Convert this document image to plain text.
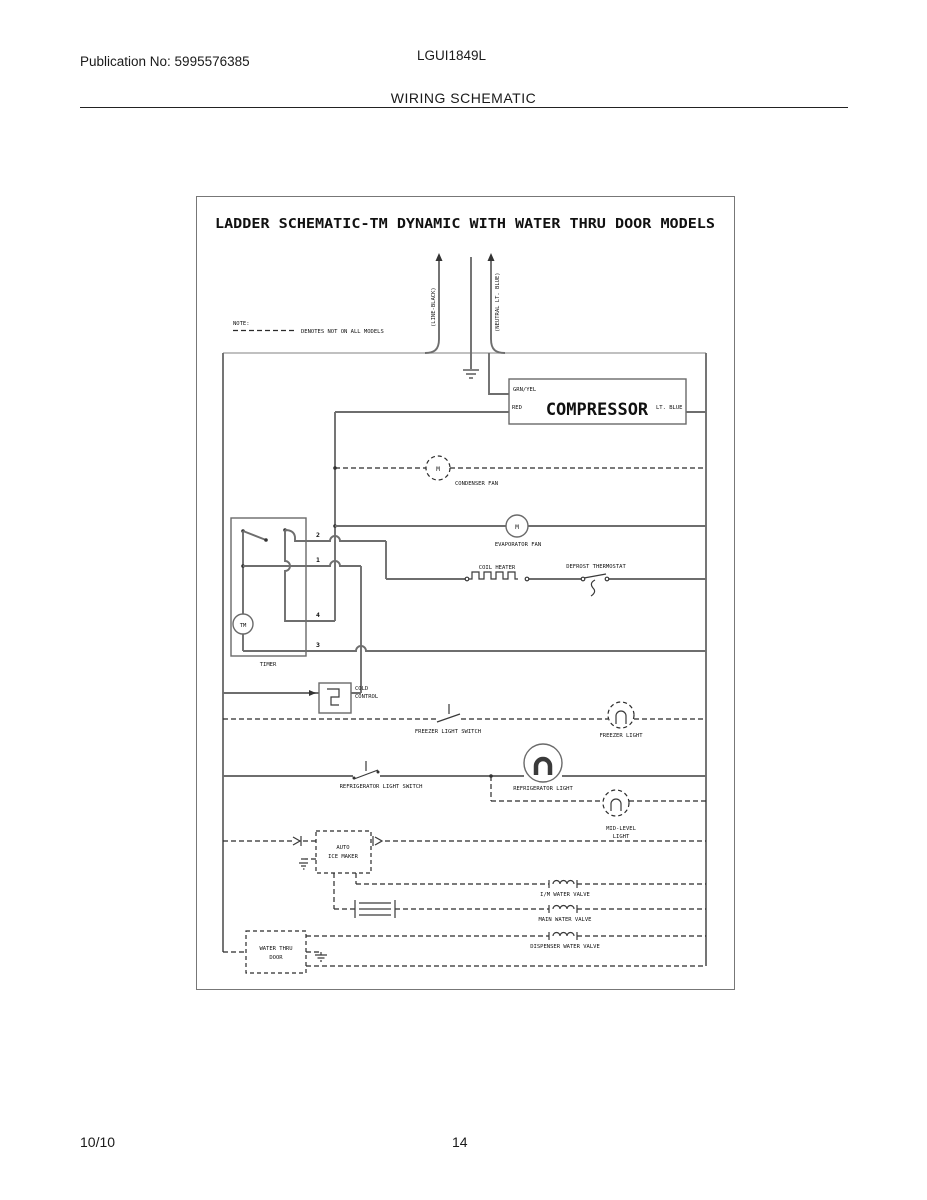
Publication No: 5995576385	LGUI1849L
WIRING SCHEMATIC
LADDER SCHEMATIC-TM DYNAMIC WITH WATER THRU DOOR MODELS
NOTE:
DENOTES NOT ON ALL MODELS
(LINE-BLACK)	(NEUTRAL LT. BLUE)
GRN/YEL
RED COMPRESSOR LT. BLUE
M
CONDENSER FAN
M
EVAPORATOR FAN
COIL HEATER	DEFROST THERMOSTAT
TIMER
TM
2
1
4
3
COLD
CONTROL
FREEZER LIGHT SWITCH
FREEZER LIGHT
REFRIGERATOR LIGHT SWITCH	REFRIGERATOR LIGHT
MID-LEVEL
LIGHT
AUTO
ICE MAKER
I/M WATER VALVE
MAIN WATER VALVE
DISPENSER WATER VALVE
WATER THRU
DOOR
10/10	14
